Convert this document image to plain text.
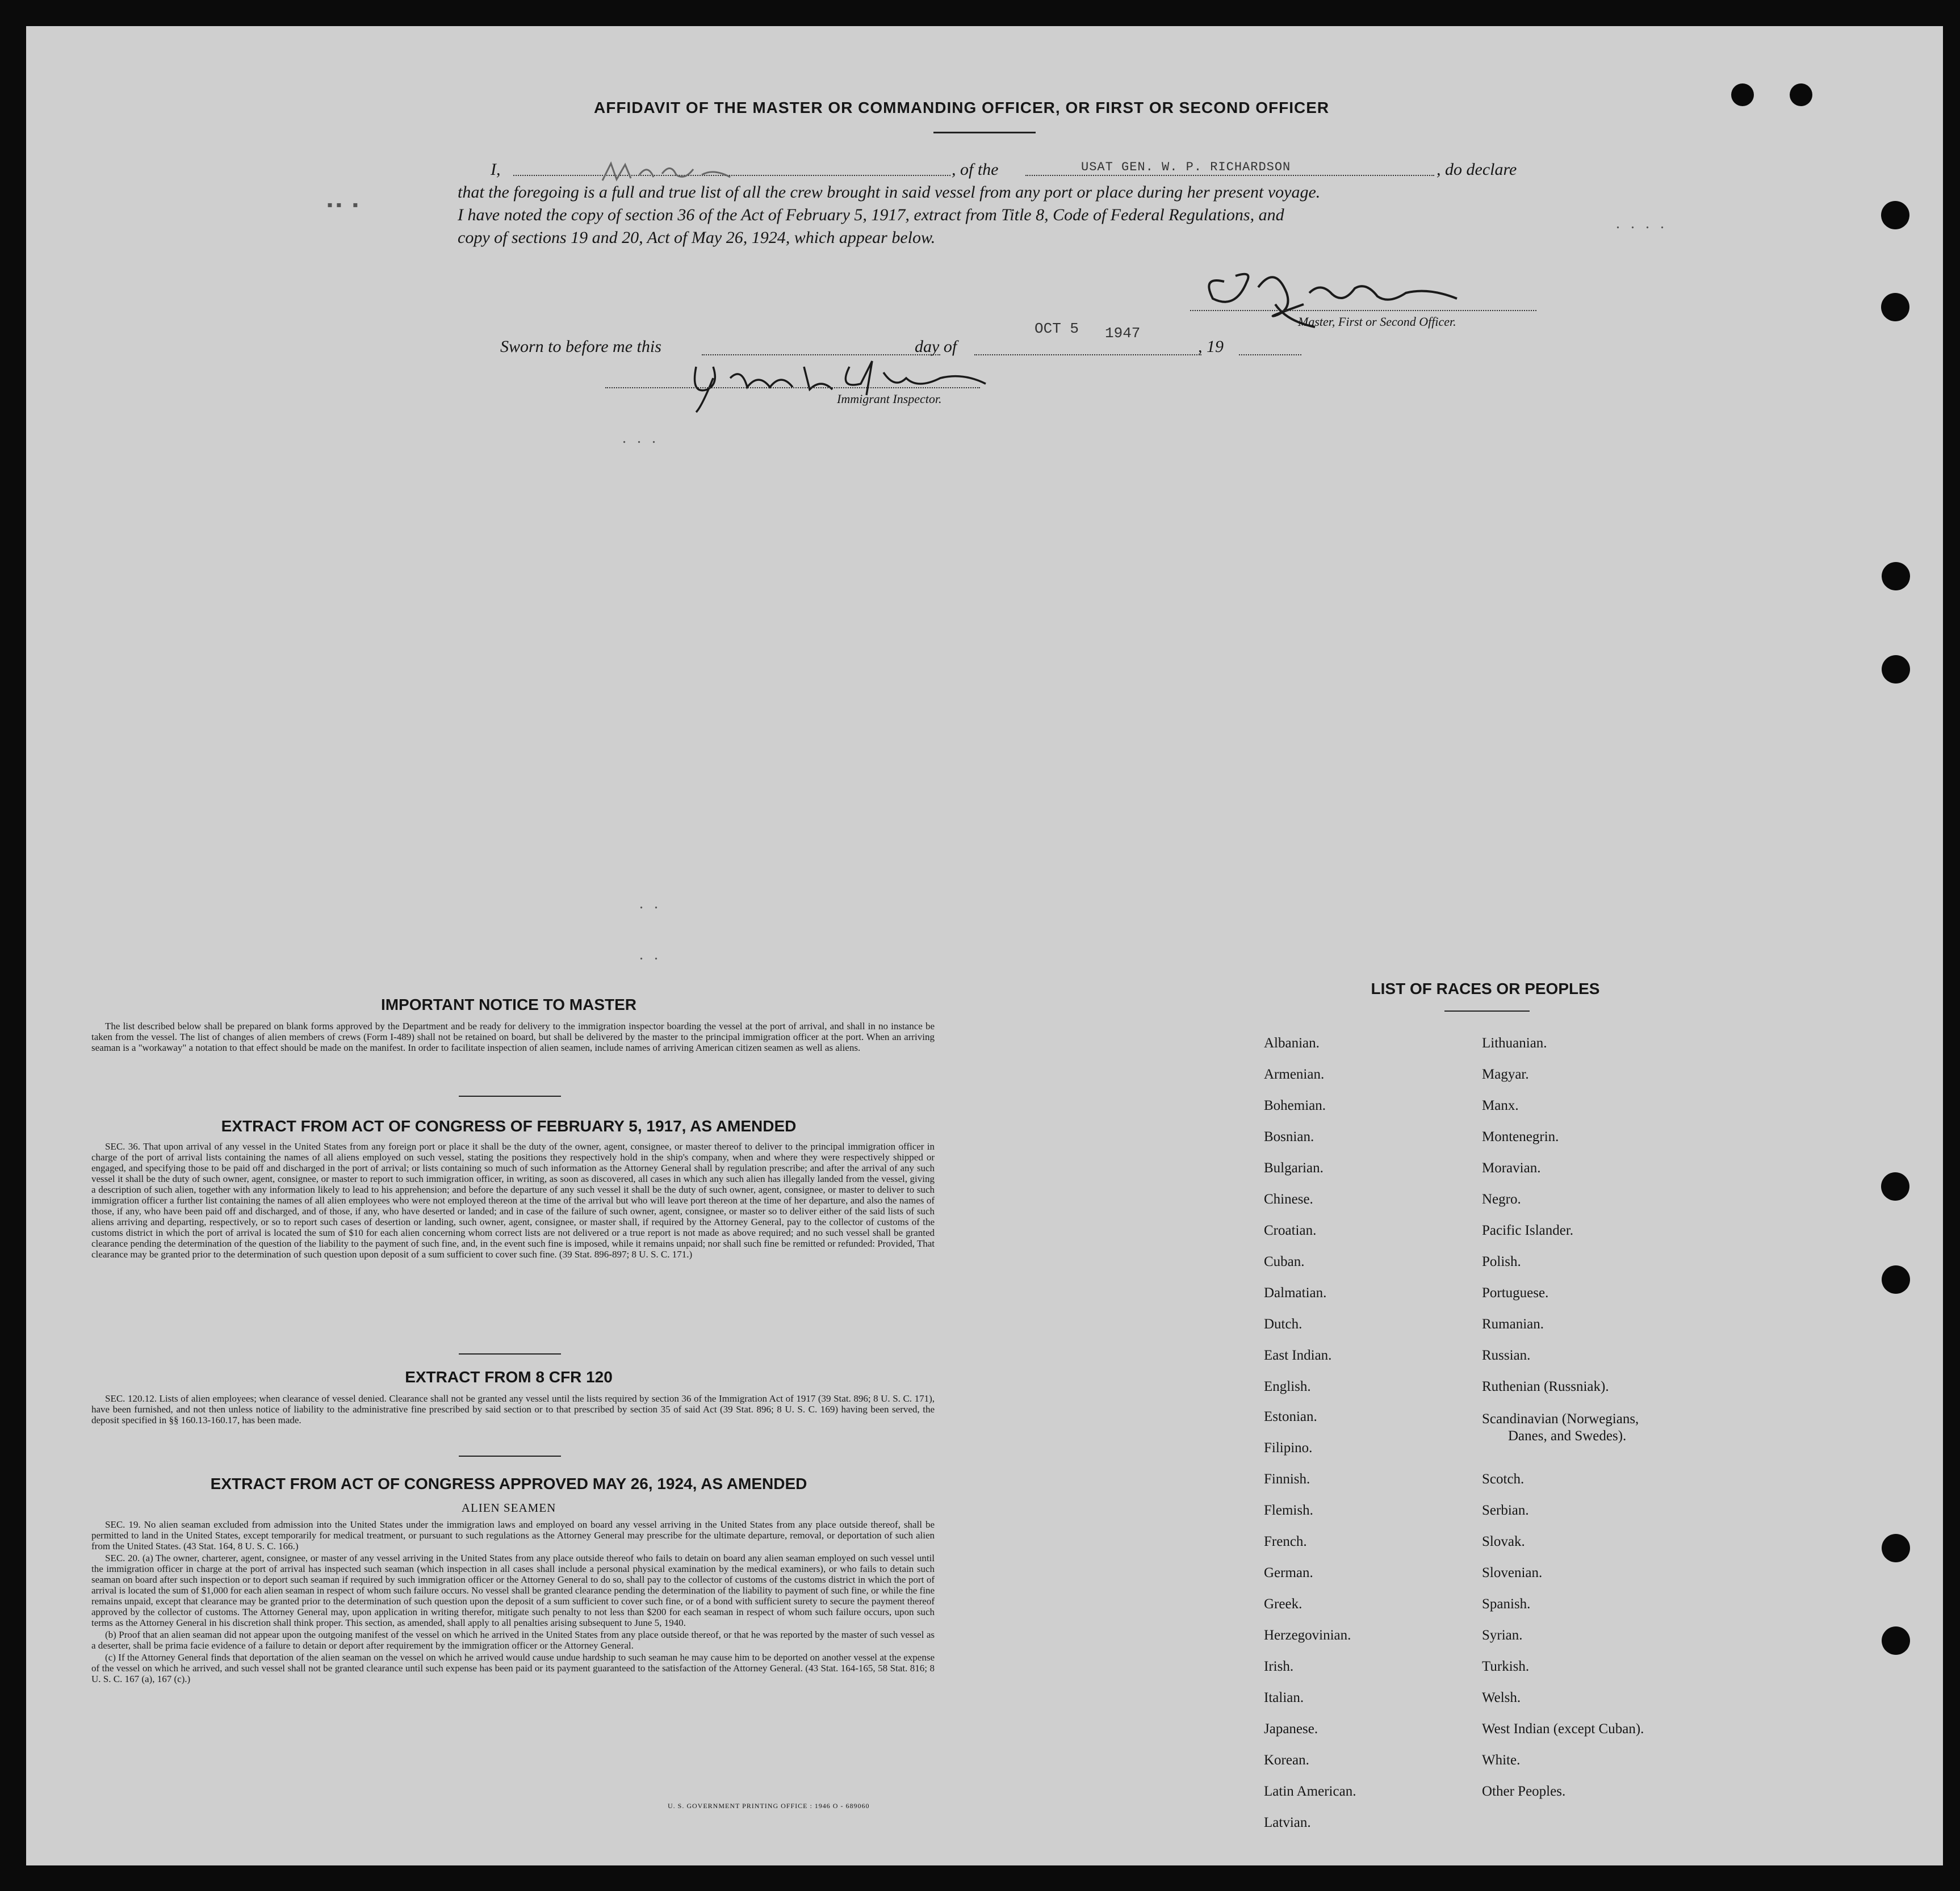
AFFIDAVIT OF THE MASTER OR COMMANDING OFFICER, OR FIRST OR SECOND OFFICER
I,	, of the	USAT GEN. W. P. RICHARDSON	, do declare
that the foregoing is a full and true list of all the crew brought in said vessel from any port or place during her present voyage.
I have noted the copy of section 36 of the Act of February 5, 1917, extract from Title 8, Code of Federal Regulations, and
copy of sections 19 and 20, Act of May 26, 1924, which appear below.
▪▪ ▪
. . . .
Master, First or Second Officer.
Sworn to before me this	day of
OCT 5 1947
, 19
Immigrant Inspector.
. . .
. .
. .
IMPORTANT NOTICE TO MASTER

The list described below shall be prepared on blank forms approved by the Department and be ready for delivery to the immigration inspector boarding the vessel at the port of arrival, and shall in no instance be taken from the vessel. The list of changes of alien members of crews (Form I-489) shall not be retained on board, but shall be delivered by the master to the principal immigration officer at the port. When an arriving seaman is a "workaway" a notation to that effect should be made on the manifest. In order to facilitate inspection of alien seamen, include names of arriving American citizen seamen as well as aliens.

EXTRACT FROM ACT OF CONGRESS OF FEBRUARY 5, 1917, AS AMENDED

SEC. 36. That upon arrival of any vessel in the United States from any foreign port or place it shall be the duty of the owner, agent, consignee, or master thereof to deliver to the principal immigration officer in charge of the port of arrival lists containing the names of all aliens employed on such vessel, stating the positions they respectively hold in the ship's company, when and where they were respectively shipped or engaged, and specifying those to be paid off and discharged in the port of arrival; or lists containing so much of such information as the Attorney General shall by regulation prescribe; and after the arrival of any such vessel it shall be the duty of such owner, agent, consignee, or master to report to such immigration officer, in writing, as soon as discovered, all cases in which any such alien has illegally landed from the vessel, giving a description of such alien, together with any information likely to lead to his apprehension; and before the departure of any such vessel it shall be the duty of such owner, agent, consignee, or master to deliver to such immigration officer a further list containing the names of all alien employees who were not employed thereon at the time of the arrival but who will leave port thereon at the time of her departure, and also the names of those, if any, who have been paid off and discharged, and of those, if any, who have deserted or landed; and in case of the failure of such owner, agent, consignee, or master so to deliver either of the said lists of such aliens arriving and departing, respectively, or so to report such cases of desertion or landing, such owner, agent, consignee, or master shall, if required by the Attorney General, pay to the collector of customs of the customs district in which the port of arrival is located the sum of $10 for each alien concerning whom correct lists are not delivered or a true report is not made as above required; and no such vessel shall be granted clearance pending the determination of the question of the liability to the payment of such fine, and, in the event such fine is imposed, while it remains unpaid; nor shall such fine be remitted or refunded: Provided, That clearance may be granted prior to the determination of such question upon deposit of a sum sufficient to cover such fine. (39 Stat. 896-897; 8 U. S. C. 171.)

EXTRACT FROM 8 CFR 120

SEC. 120.12. Lists of alien employees; when clearance of vessel denied. Clearance shall not be granted any vessel until the lists required by section 36 of the Immigration Act of 1917 (39 Stat. 896; 8 U. S. C. 171), have been furnished, and not then unless notice of liability to the administrative fine prescribed by said section or to that prescribed by section 35 of said Act (39 Stat. 896; 8 U. S. C. 169) having been served, the deposit specified in §§ 160.13-160.17, has been made.

EXTRACT FROM ACT OF CONGRESS APPROVED MAY 26, 1924, AS AMENDED
ALIEN SEAMEN

SEC. 19. No alien seaman excluded from admission into the United States under the immigration laws and employed on board any vessel arriving in the United States from any place outside thereof, shall be permitted to land in the United States, except temporarily for medical treatment, or pursuant to such regulations as the Attorney General may prescribe for the ultimate departure, removal, or deportation of such alien from the United States. (43 Stat. 164, 8 U. S. C. 166.)

SEC. 20. (a) The owner, charterer, agent, consignee, or master of any vessel arriving in the United States from any place outside thereof who fails to detain on board any alien seaman employed on such vessel until the immigration officer in charge at the port of arrival has inspected such seaman (which inspection in all cases shall include a personal physical examination by the medical examiners), or who fails to detain such seaman on board after such inspection or to deport such seaman if required by such immigration officer or the Attorney General to do so, shall pay to the collector of customs of the customs district in which the port of arrival is located the sum of $1,000 for each alien seaman in respect of whom such failure occurs. No vessel shall be granted clearance pending the determination of the liability to payment of such fine, or while the fine remains unpaid, except that clearance may be granted prior to the determination of such question upon the deposit of a sum sufficient to cover such fine, or of a bond with sufficient surety to secure the payment thereof approved by the collector of customs. The Attorney General may, upon application in writing therefor, mitigate such penalty to not less than $200 for each seaman in respect of whom such failure occurs, upon such terms as the Attorney General in his discretion shall think proper. This section, as amended, shall apply to all penalties arising subsequent to June 5, 1940.

(b) Proof that an alien seaman did not appear upon the outgoing manifest of the vessel on which he arrived in the United States from any place outside thereof, or that he was reported by the master of such vessel as a deserter, shall be prima facie evidence of a failure to detain or deport after requirement by the immigration officer or the Attorney General.

(c) If the Attorney General finds that deportation of the alien seaman on the vessel on which he arrived would cause undue hardship to such seaman he may cause him to be deported on another vessel at the expense of the vessel on which he arrived, and such vessel shall not be granted clearance until such expense has been paid or its payment guaranteed to the satisfaction of the Attorney General. (43 Stat. 164-165, 58 Stat. 816; 8 U. S. C. 167 (a), 167 (c).)

U. S. GOVERNMENT PRINTING OFFICE : 1946 O - 689060
LIST OF RACES OR PEOPLES
Albanian.
Armenian.
Bohemian.
Bosnian.
Bulgarian.
Chinese.
Croatian.
Cuban.
Dalmatian.
Dutch.
East Indian.
English.
Estonian.
Filipino.
Finnish.
Flemish.
French.
German.
Greek.
Herzegovinian.
Irish.
Italian.
Japanese.
Korean.
Latin American.
Latvian.
Lithuanian.
Magyar.
Manx.
Montenegrin.
Moravian.
Negro.
Pacific Islander.
Polish.
Portuguese.
Rumanian.
Russian.
Ruthenian (Russniak).
Scandinavian (Norwegians,
Danes, and Swedes).
Scotch.
Serbian.
Slovak.
Slovenian.
Spanish.
Syrian.
Turkish.
Welsh.
West Indian (except Cuban).
White.
Other Peoples.
